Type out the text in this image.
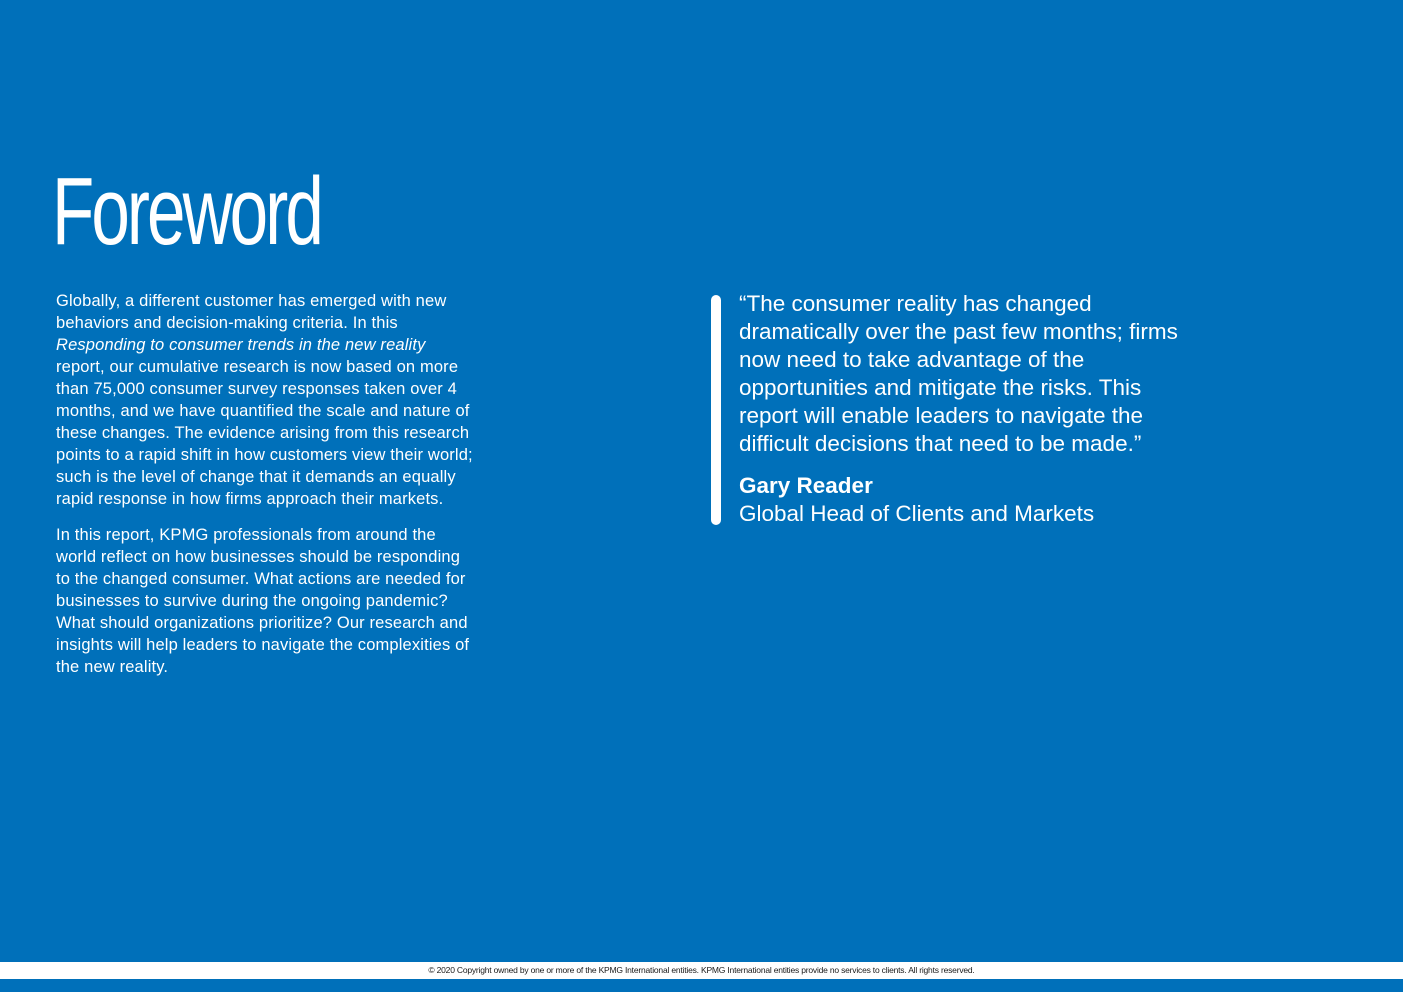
Foreword

Globally, a different customer has emerged with new behaviors and decision-making criteria. In this Responding to consumer trends in the new reality report, our cumulative research is now based on more than 75,000 consumer survey responses taken over 4 months, and we have quantified the scale and nature of these changes. The evidence arising from this research points to a rapid shift in how customers view their world; such is the level of change that it demands an equally rapid response in how firms approach their markets.

In this report, KPMG professionals from around the world reflect on how businesses should be responding to the changed consumer. What actions are needed for businesses to survive during the ongoing pandemic? What should organizations prioritize? Our research and insights will help leaders to navigate the complexities of the new reality.

“The consumer reality has changed dramatically over the past few months; firms now need to take advantage of the opportunities and mitigate the risks. This report will enable leaders to navigate the difficult decisions that need to be made.”

Gary Reader

Global Head of Clients and Markets

© 2020 Copyright owned by one or more of the KPMG International entities. KPMG International entities provide no services to clients. All rights reserved.
